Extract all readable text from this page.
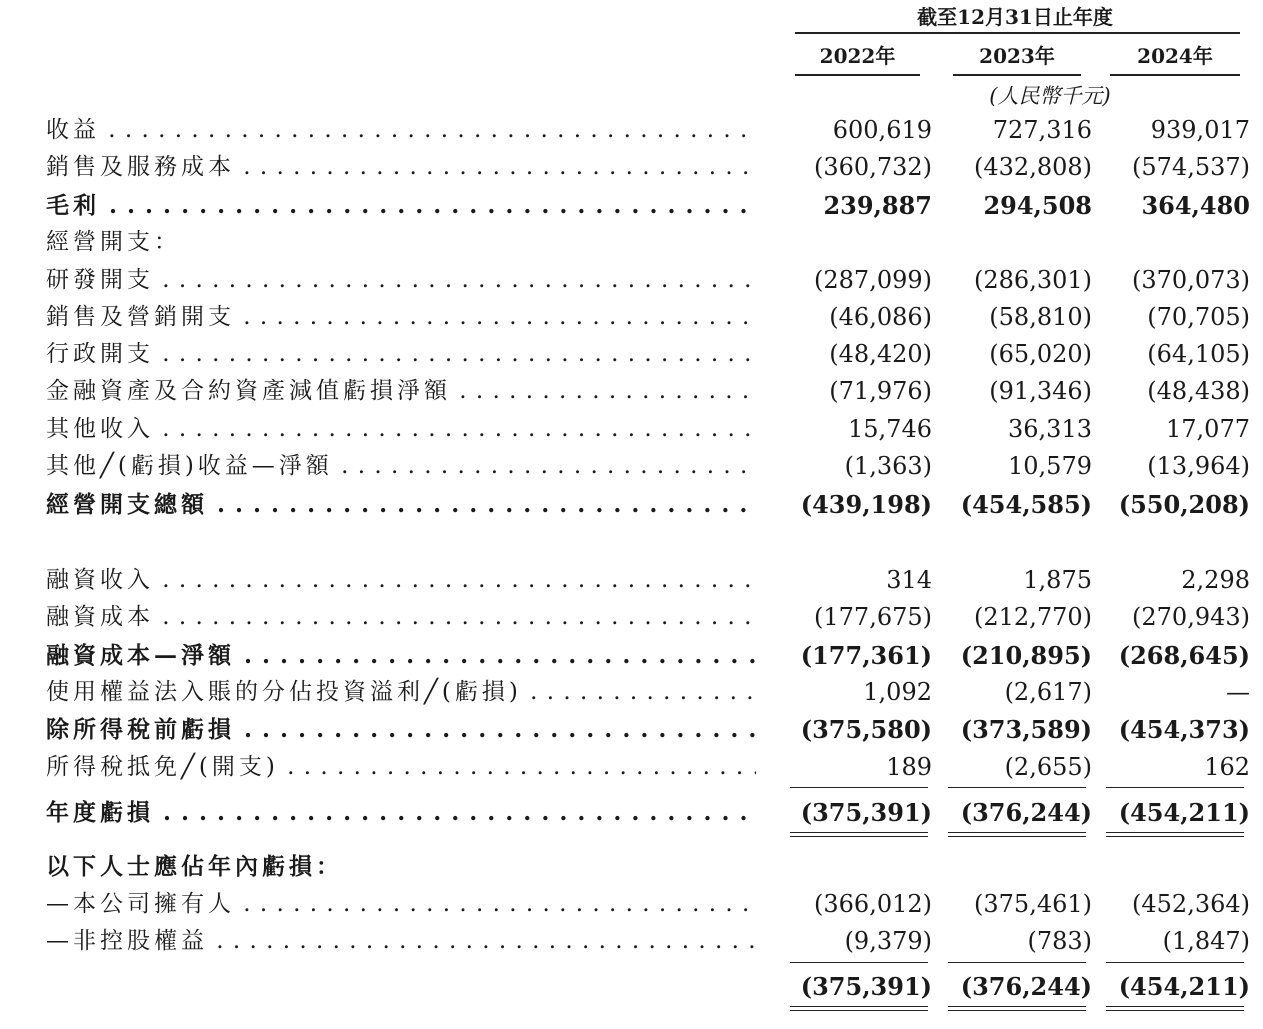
截至12月31日止年度
2022年	2023年	2024年
(人民幣千元)
收益 . . .	600,619	727,316	939,017
銷售及服務成本 . . .	(360,732)	(432,808)	(574,537)
毛利 . . .	239,887	294,508	364,480
經營開支：
研發開支 . . .	(287,099)	(286,301)	(370,073)
銷售及營銷開支 . . .	(46,086)	(58,810)	(70,705)
行政開支 . . .	(48,420)	(65,020)	(64,105)
金融資產及合約資產減值虧損淨額 . . .	(71,976)	(91,346)	(48,438)
其他收入 . . .	15,746	36,313	17,077
其他╱(虧損)收益—淨額 . . .	(1,363)	10,579	(13,964)
經營開支總額 . . .	(439,198)	(454,585)	(550,208)
融資收入 . . .	314	1,875	2,298
融資成本 . . .	(177,675)	(212,770)	(270,943)
融資成本—淨額 . . .	(177,361)	(210,895)	(268,645)
使用權益法入賬的分佔投資溢利╱(虧損) . . .	1,092	(2,617)	—
除所得稅前虧損 . . .	(375,580)	(373,589)	(454,373)
所得稅抵免╱(開支) . . .	189	(2,655)	162
年度虧損 . . .	(375,391)	(376,244)	(454,211)
以下人士應佔年內虧損：
—本公司擁有人 . . .	(366,012)	(375,461)	(452,364)
—非控股權益 . . .	(9,379)	(783)	(1,847)
(375,391)	(376,244)	(454,211)
